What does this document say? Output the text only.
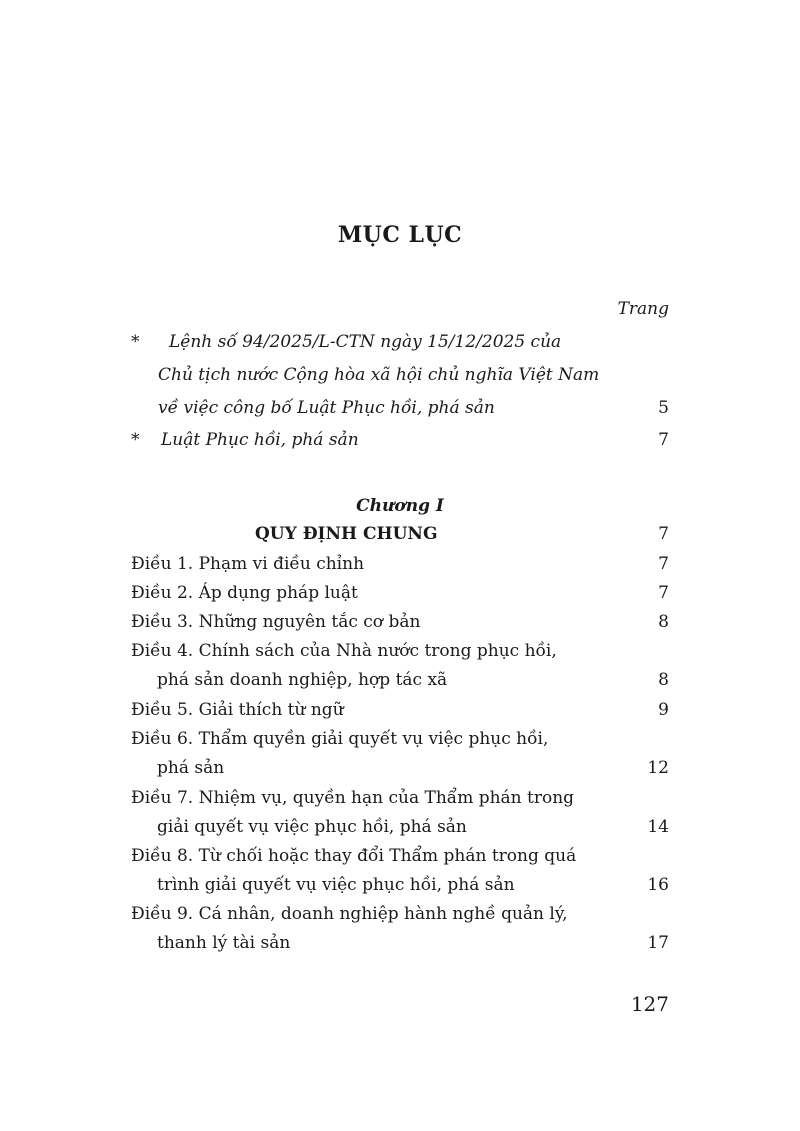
MỤC LỤC
Trang
* Lệnh số 94/2025/L-CTN ngày 15/12/2025 của
Chủ tịch nước Cộng hòa xã hội chủ nghĩa Việt Nam
về việc công bố Luật Phục hồi, phá sản	5
* Luật Phục hồi, phá sản	7
Chương I
QUY ĐỊNH CHUNG	7
Điều 1. Phạm vi điều chỉnh	7
Điều 2. Áp dụng pháp luật	7
Điều 3. Những nguyên tắc cơ bản	8
Điều 4. Chính sách của Nhà nước trong phục hồi,
phá sản doanh nghiệp, hợp tác xã	8
Điều 5. Giải thích từ ngữ	9
Điều 6. Thẩm quyền giải quyết vụ việc phục hồi,
phá sản	12
Điều 7. Nhiệm vụ, quyền hạn của Thẩm phán trong
giải quyết vụ việc phục hồi, phá sản	14
Điều 8. Từ chối hoặc thay đổi Thẩm phán trong quá
trình giải quyết vụ việc phục hồi, phá sản	16
Điều 9. Cá nhân, doanh nghiệp hành nghề quản lý,
thanh lý tài sản	17
127
